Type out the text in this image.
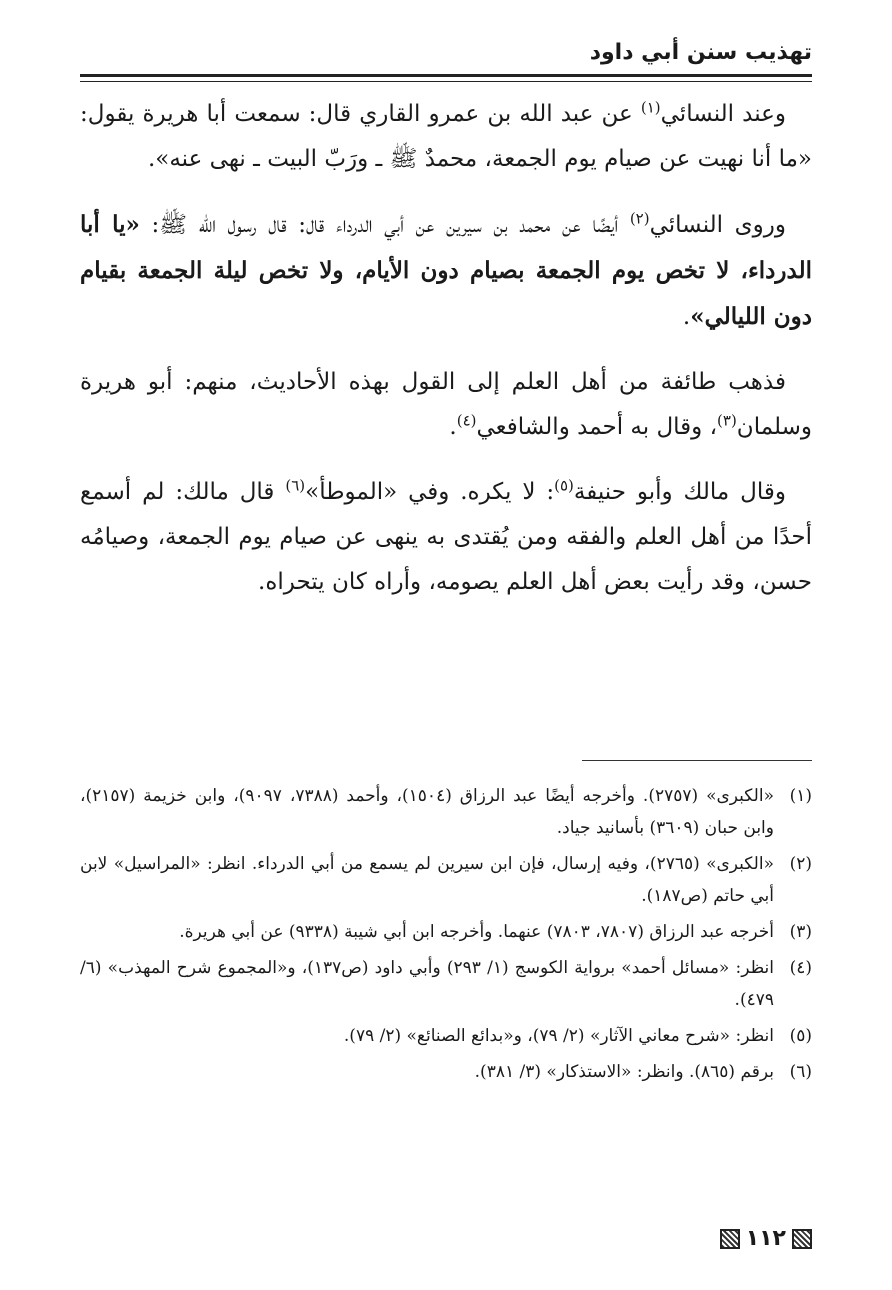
تهذيب سنن أبي داود

وعند النسائي$^{(١)}$ عن عبد الله بن عمرو القاري قال: سمعت أبا هريرة يقول: «ما أنا نهيت عن صيام يوم الجمعة، محمدٌ ﷺ ـ ورَبّ البيت ـ نهى عنه».

وروى النسائي$^{(٢)}$ أيضًا عن محمد بن سيرين عن أبي الدرداء قال: قال رسول الله ﷺ: «يا أبا الدرداء، لا تخص يوم الجمعة بصيام دون الأيام، ولا تخص ليلة الجمعة بقيام دون الليالي».

فذهب طائفة من أهل العلم إلى القول بهذه الأحاديث، منهم: أبو هريرة وسلمان$^{(٣)}$، وقال به أحمد والشافعي$^{(٤)}$.

وقال مالك وأبو حنيفة$^{(٥)}$: لا يكره. وفي «الموطأ»$^{(٦)}$ قال مالك: لم أسمع أحدًا من أهل العلم والفقه ومن يُقتدى به ينهى عن صيام يوم الجمعة، وصيامُه حسن، وقد رأيت بعض أهل العلم يصومه، وأراه كان يتحراه.

(١)
«الكبرى» (٢٧٥٧). وأخرجه أيضًا عبد الرزاق (١٥٠٤)، وأحمد (٧٣٨٨، ٩٠٩٧)، وابن خزيمة (٢١٥٧)، وابن حبان (٣٦٠٩) بأسانيد جياد.
(٢)
«الكبرى» (٢٧٦٥)، وفيه إرسال، فإن ابن سيرين لم يسمع من أبي الدرداء. انظر: «المراسيل» لابن أبي حاتم (ص١٨٧).
(٣)
أخرجه عبد الرزاق (٧٨٠٧، ٧٨٠٣) عنهما. وأخرجه ابن أبي شيبة (٩٣٣٨) عن أبي هريرة.
(٤)
انظر: «مسائل أحمد» برواية الكوسج (١/ ٢٩٣) وأبي داود (ص١٣٧)، و«المجموع شرح المهذب» (٦/ ٤٧٩).
(٥)
انظر: «شرح معاني الآثار» (٢/ ٧٩)، و«بدائع الصنائع» (٢/ ٧٩).
(٦)
برقم (٨٦٥). وانظر: «الاستذكار» (٣/ ٣٨١).
١١٢
